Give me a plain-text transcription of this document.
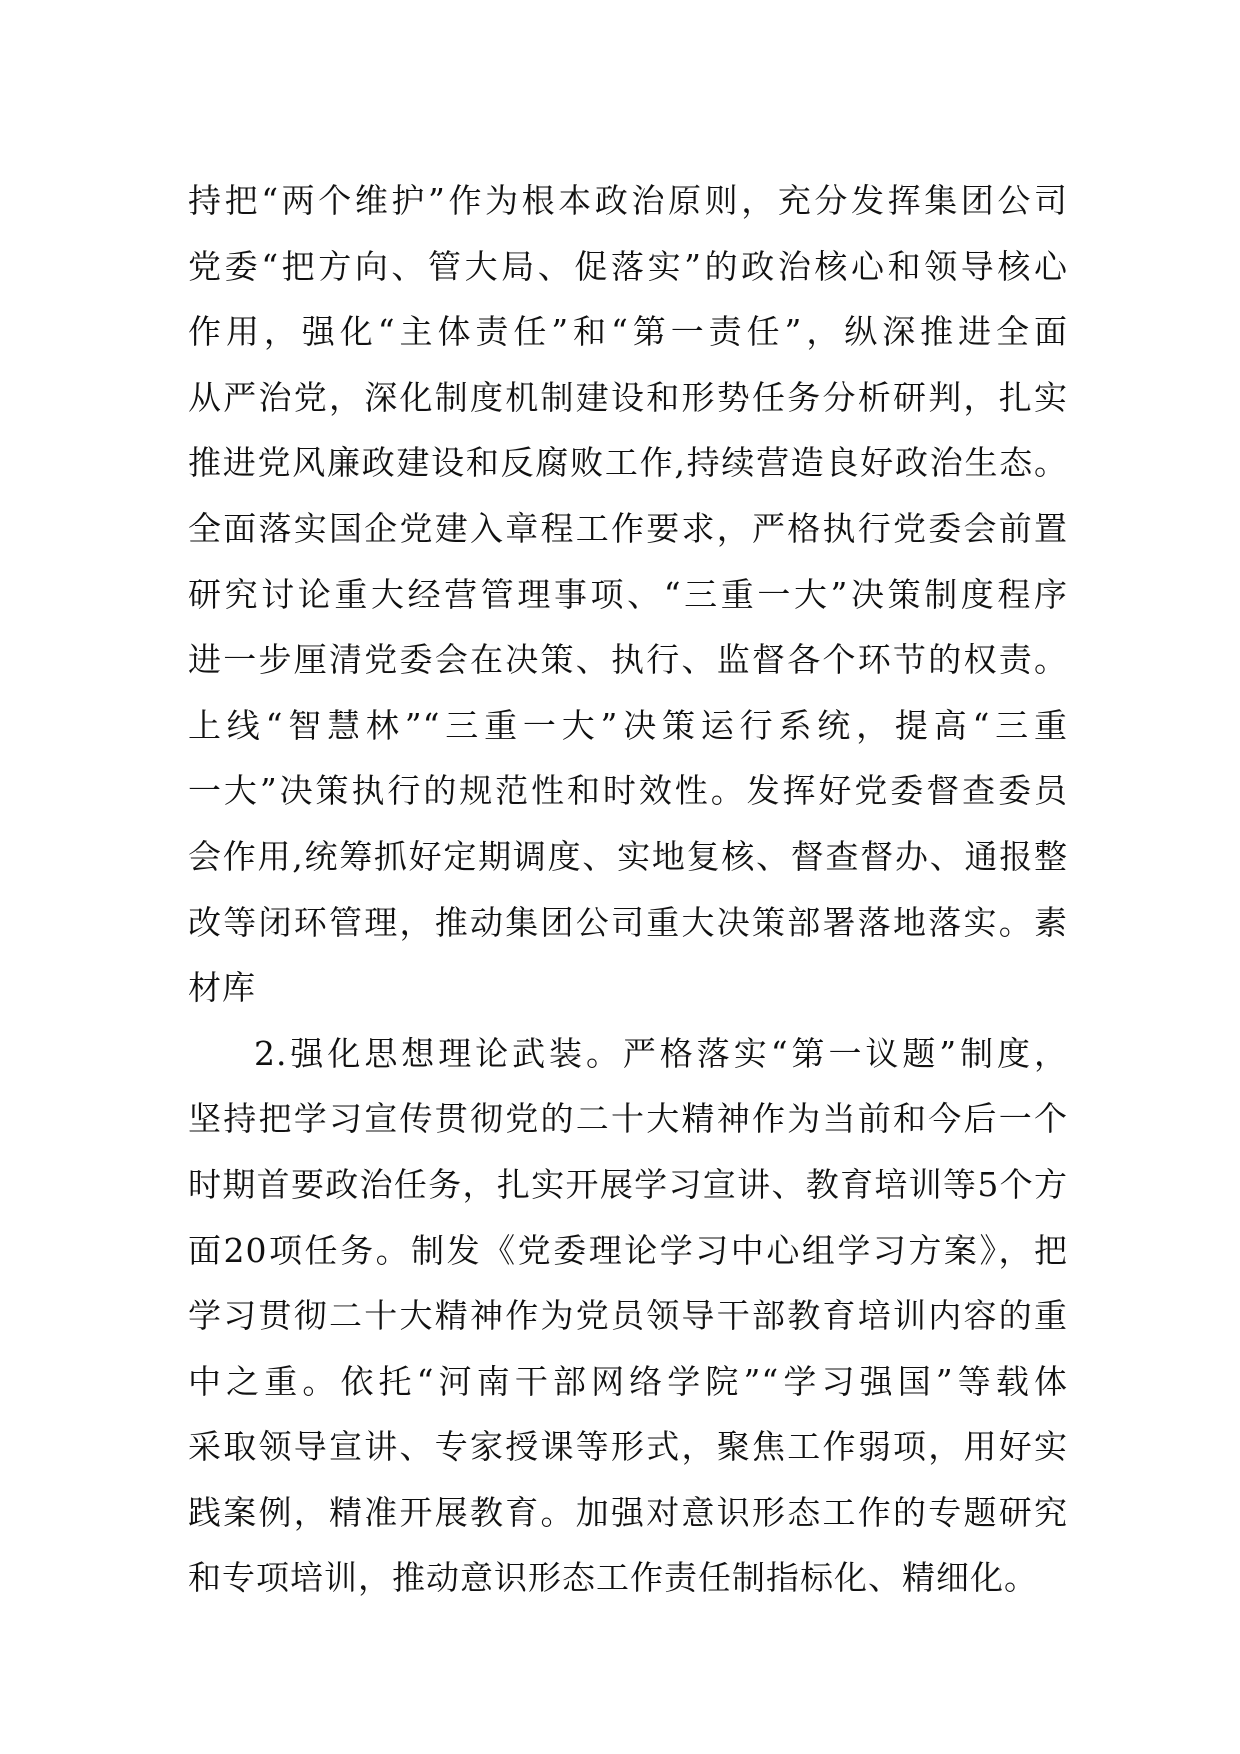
持把“两个维护”作为根本政治原则，充分发挥集团公司
党委“把方向、管大局、促落实”的政治核心和领导核心
作用，强化“主体责任”和“第一责任”，纵深推进全面
从严治党，深化制度机制建设和形势任务分析研判，扎实
推进党风廉政建设和反腐败工作,持续营造良好政治生态。
全面落实国企党建入章程工作要求，严格执行党委会前置
研究讨论重大经营管理事项、“三重一大”决策制度程序
进一步厘清党委会在决策、执行、监督各个环节的权责。
上线“智慧林”“三重一大”决策运行系统，提高“三重
一大”决策执行的规范性和时效性。发挥好党委督查委员
会作用,统筹抓好定期调度、实地复核、督查督办、通报整
改等闭环管理，推动集团公司重大决策部署落地落实。素
材库
2.强化思想理论武装。严格落实“第一议题”制度，
坚持把学习宣传贯彻党的二十大精神作为当前和今后一个
时期首要政治任务，扎实开展学习宣讲、教育培训等5个方
面20项任务。制发《党委理论学习中心组学习方案》，把
学习贯彻二十大精神作为党员领导干部教育培训内容的重
中之重。依托“河南干部网络学院”“学习强国”等载体
采取领导宣讲、专家授课等形式，聚焦工作弱项，用好实
践案例，精准开展教育。加强对意识形态工作的专题研究
和专项培训，推动意识形态工作责任制指标化、精细化。
